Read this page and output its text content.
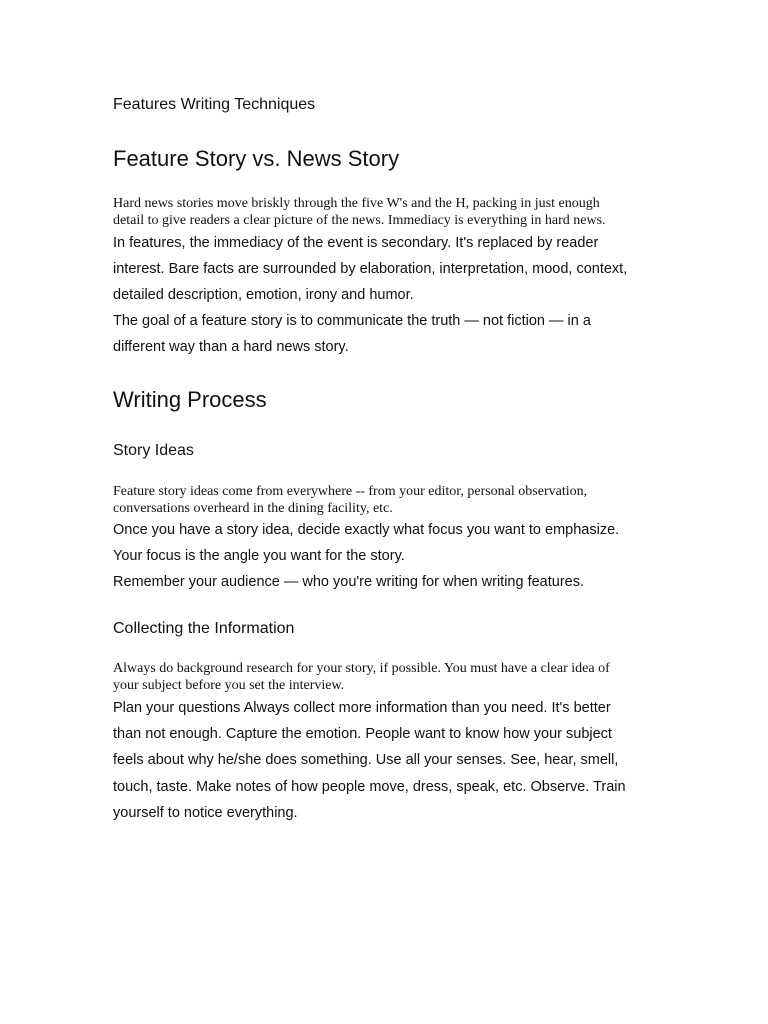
Features Writing Techniques
Feature Story vs. News Story
Hard news stories move briskly through the five W's and the H, packing in just enough
detail to give readers a clear picture of the news. Immediacy is everything in hard news.
In features, the immediacy of the event is secondary. It's replaced by reader
interest. Bare facts are surrounded by elaboration, interpretation, mood, context,
detailed description, emotion, irony and humor.
The goal of a feature story is to communicate the truth — not fiction — in a
different way than a hard news story.
Writing Process
Story Ideas
Feature story ideas come from everywhere -- from your editor, personal observation,
conversations overheard in the dining facility, etc.
Once you have a story idea, decide exactly what focus you want to emphasize.
Your focus is the angle you want for the story.
Remember your audience — who you're writing for when writing features.
Collecting the Information
Always do background research for your story, if possible. You must have a clear idea of
your subject before you set the interview.
Plan your questions Always collect more information than you need. It's better
than not enough. Capture the emotion. People want to know how your subject
feels about why he/she does something. Use all your senses. See, hear, smell,
touch, taste. Make notes of how people move, dress, speak, etc. Observe. Train
yourself to notice everything.
